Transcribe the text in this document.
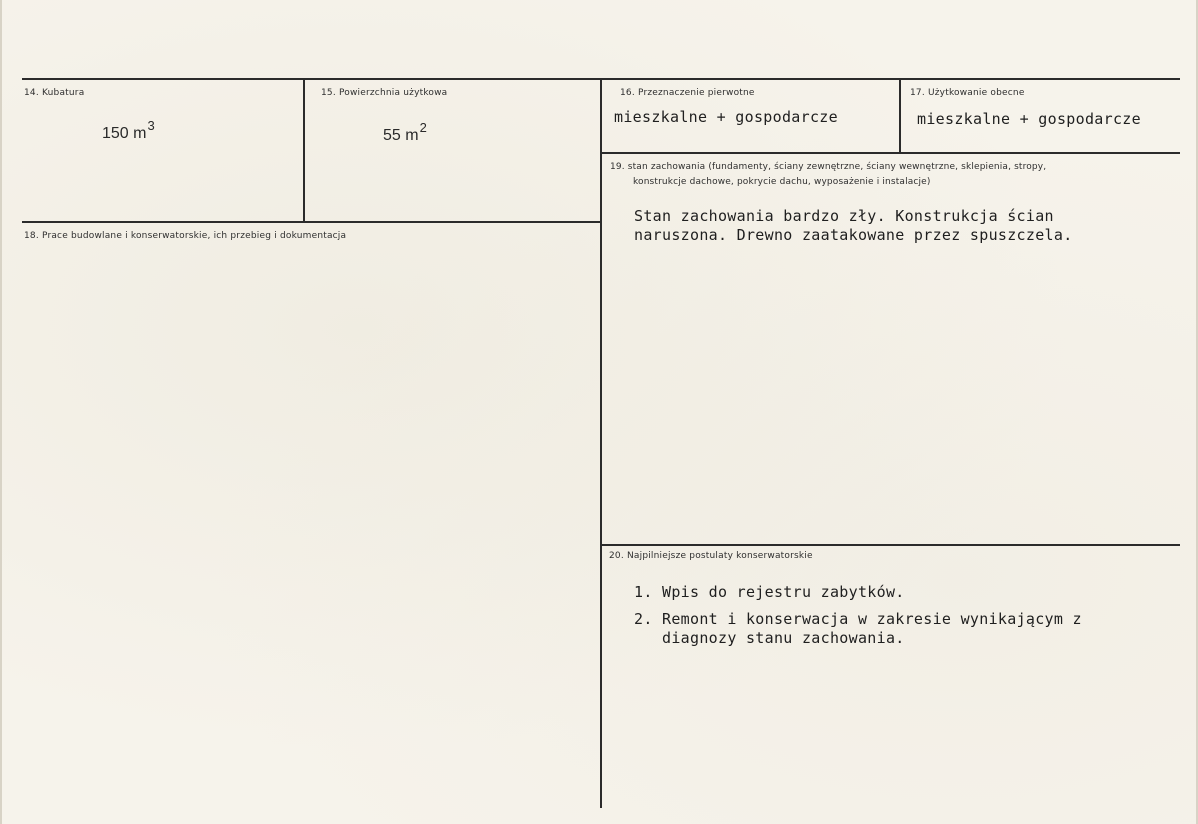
14. Kubatura
150 $m^3$
15. Powierzchnia użytkowa
55 $m^2$
16. Przeznaczenie pierwotne
mieszkalne + gospodarcze
17. Użytkowanie obecne
mieszkalne + gospodarcze
18. Prace budowlane i konserwatorskie, ich przebieg i dokumentacja
19. stan zachowania (fundamenty, ściany zewnętrzne, ściany wewnętrzne, sklepienia, stropy,
konstrukcje dachowe, pokrycie dachu, wyposażenie i instalacje)
Stan zachowania bardzo zły. Konstrukcja ścian
naruszona. Drewno zaatakowane przez spuszczela.
20. Najpilniejsze postulaty konserwatorskie
1. Wpis do rejestru zabytków.
2. Remont i konserwacja w zakresie wynikającym z
diagnozy stanu zachowania.
